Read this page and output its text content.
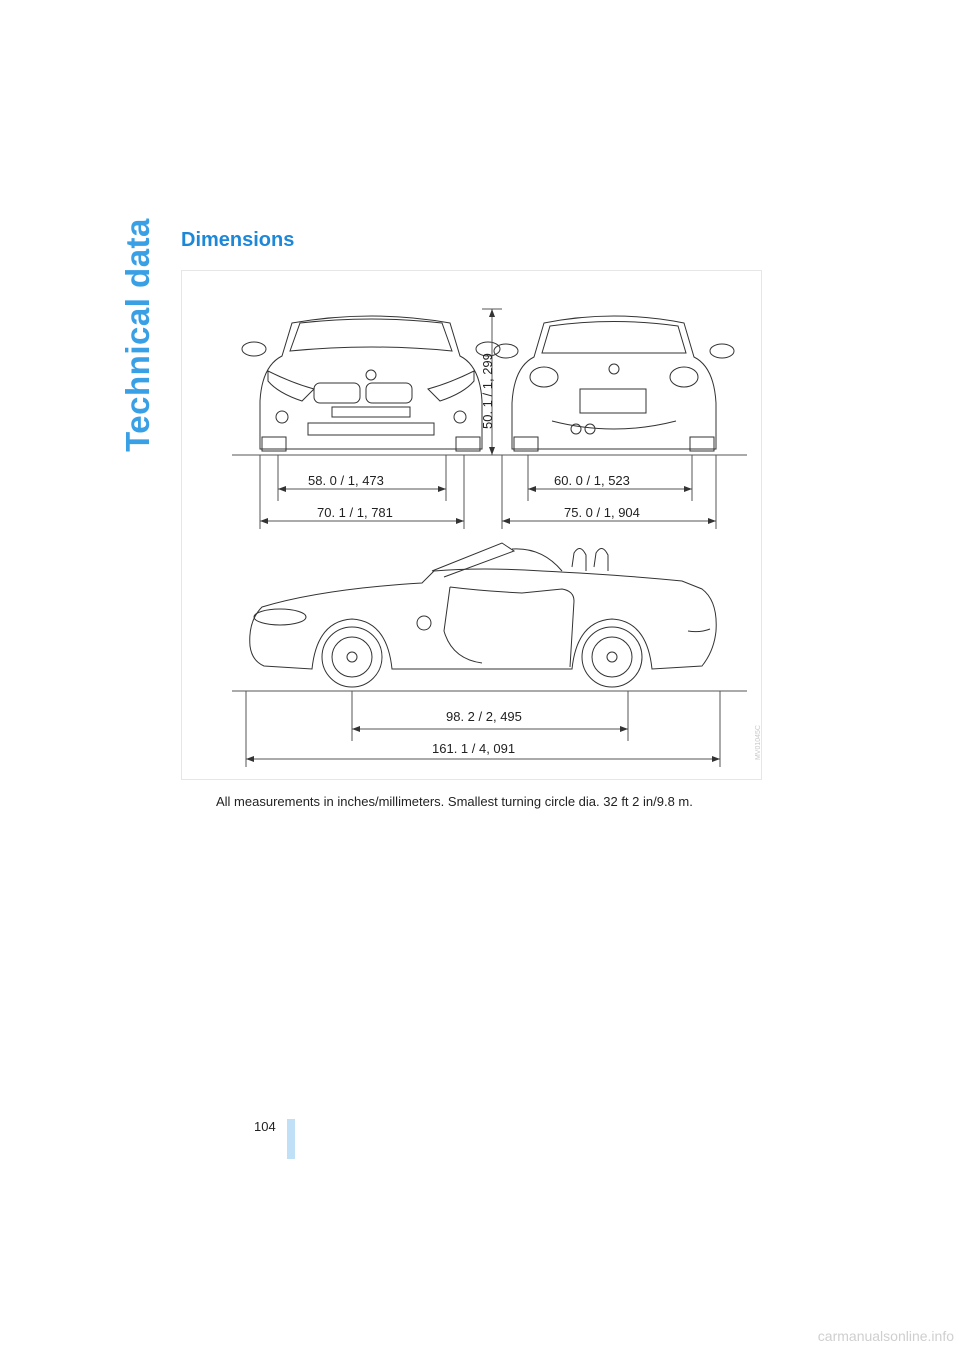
Technical data Dimensions
58. 0 / 1, 473
70. 1 / 1, 781
60. 0 / 1, 523
75. 0 / 1, 904
50. 1 / 1, 299
98. 2 / 2, 495
161. 1 / 4, 091	MV01045C
All measurements in inches/millimeters. Smallest turning circle dia. 32 ft 2 in/9.8 m.
104
carmanualsonline.info
